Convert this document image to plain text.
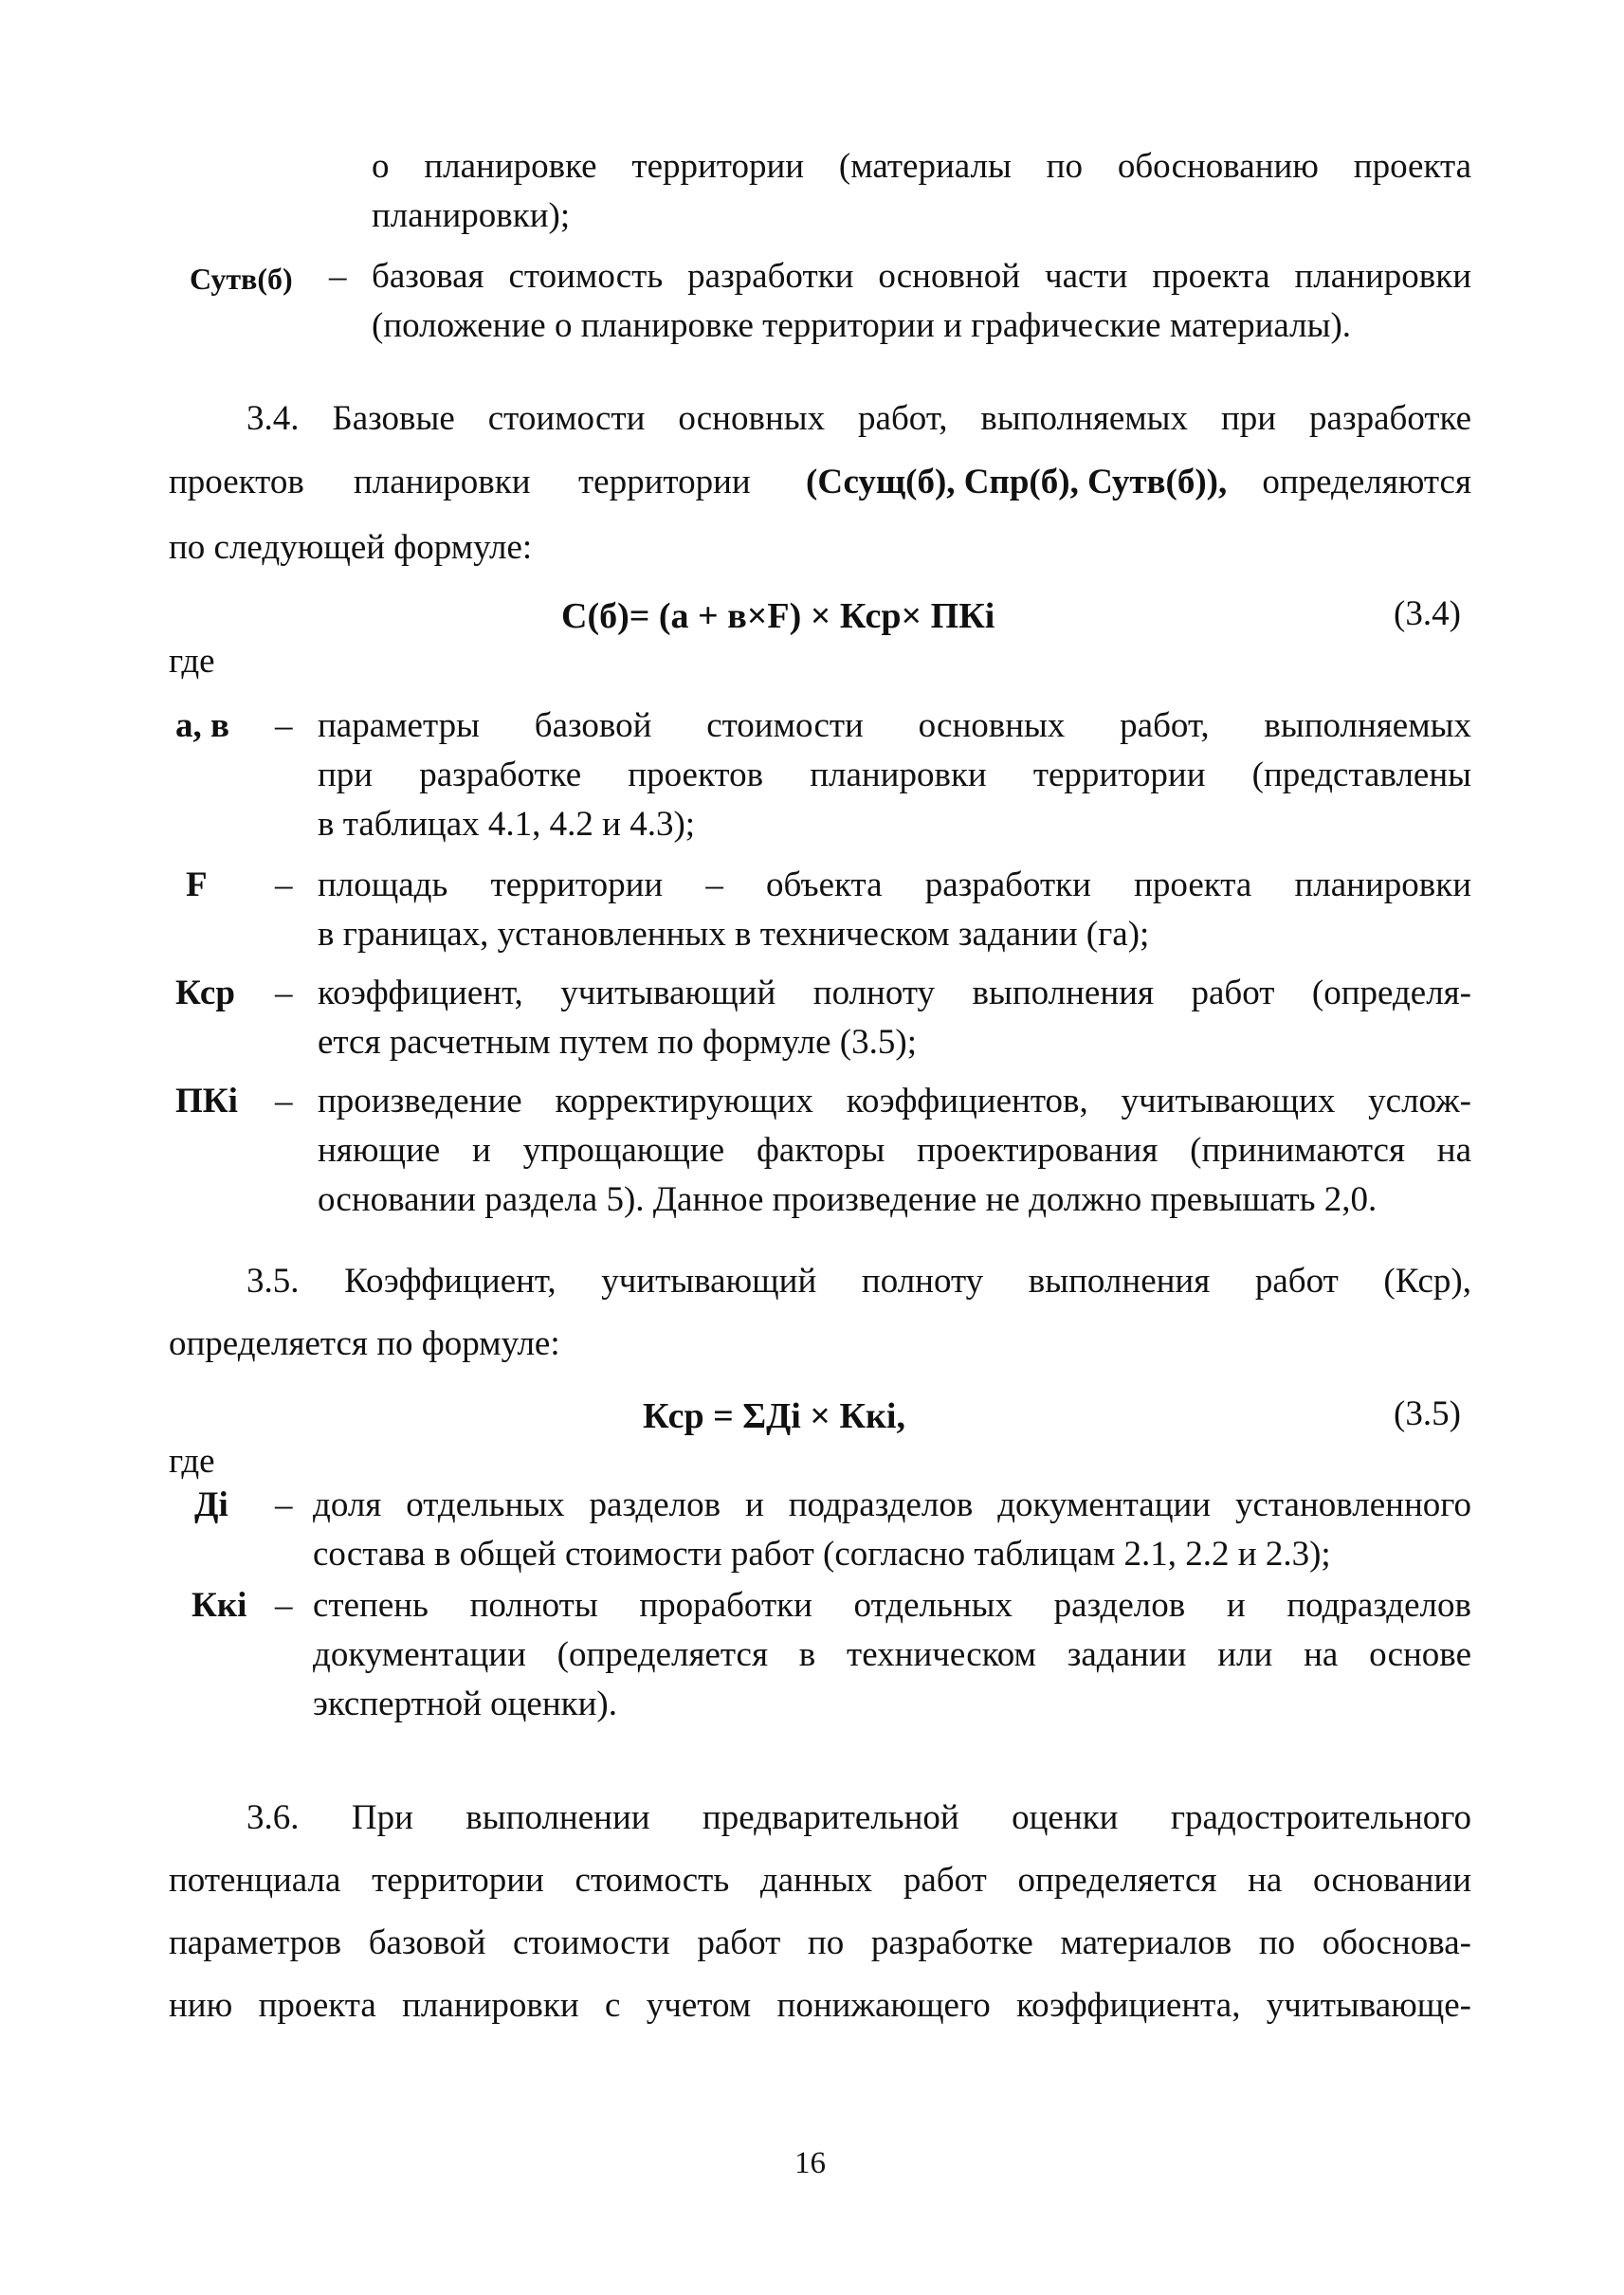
о планировке территории (материалы по обоснованию проекта
планировки);
Сутв(б) – базовая стоимость разработки основной части проекта планировки
(положение о планировке территории и графические материалы).
3.4. Базовые стоимости основных работ, выполняемых при разработке
проектов планировки территории (Ссущ(б), Спр(б), Сутв(б)), определяются
по следующей формуле:
С(б)= (а + в×F) × Кср× ПКi	(3.4)
где
а, в – параметры базовой стоимости основных работ, выполняемых
при разработке проектов планировки территории (представлены
в таблицах 4.1, 4.2 и 4.3);
F – площадь территории – объекта разработки проекта планировки
в границах, установленных в техническом задании (га);
Кср – коэффициент, учитывающий полноту выполнения работ (определя-
ется расчетным путем по формуле (3.5);
ПКi – произведение корректирующих коэффициентов, учитывающих услож-
няющие и упрощающие факторы проектирования (принимаются на
основании раздела 5). Данное произведение не должно превышать 2,0.
3.5. Коэффициент, учитывающий полноту выполнения работ (Кср),
определяется по формуле:
Кср = ΣДi × Ккi,	(3.5)
где
Дi – доля отдельных разделов и подразделов документации установленного
состава в общей стоимости работ (согласно таблицам 2.1, 2.2 и 2.3);
Ккi – степень полноты проработки отдельных разделов и подразделов
документации (определяется в техническом задании или на основе
экспертной оценки).
3.6. При выполнении предварительной оценки градостроительного
потенциала территории стоимость данных работ определяется на основании
параметров базовой стоимости работ по разработке материалов по обоснова-
нию проекта планировки с учетом понижающего коэффициента, учитывающе-
16
